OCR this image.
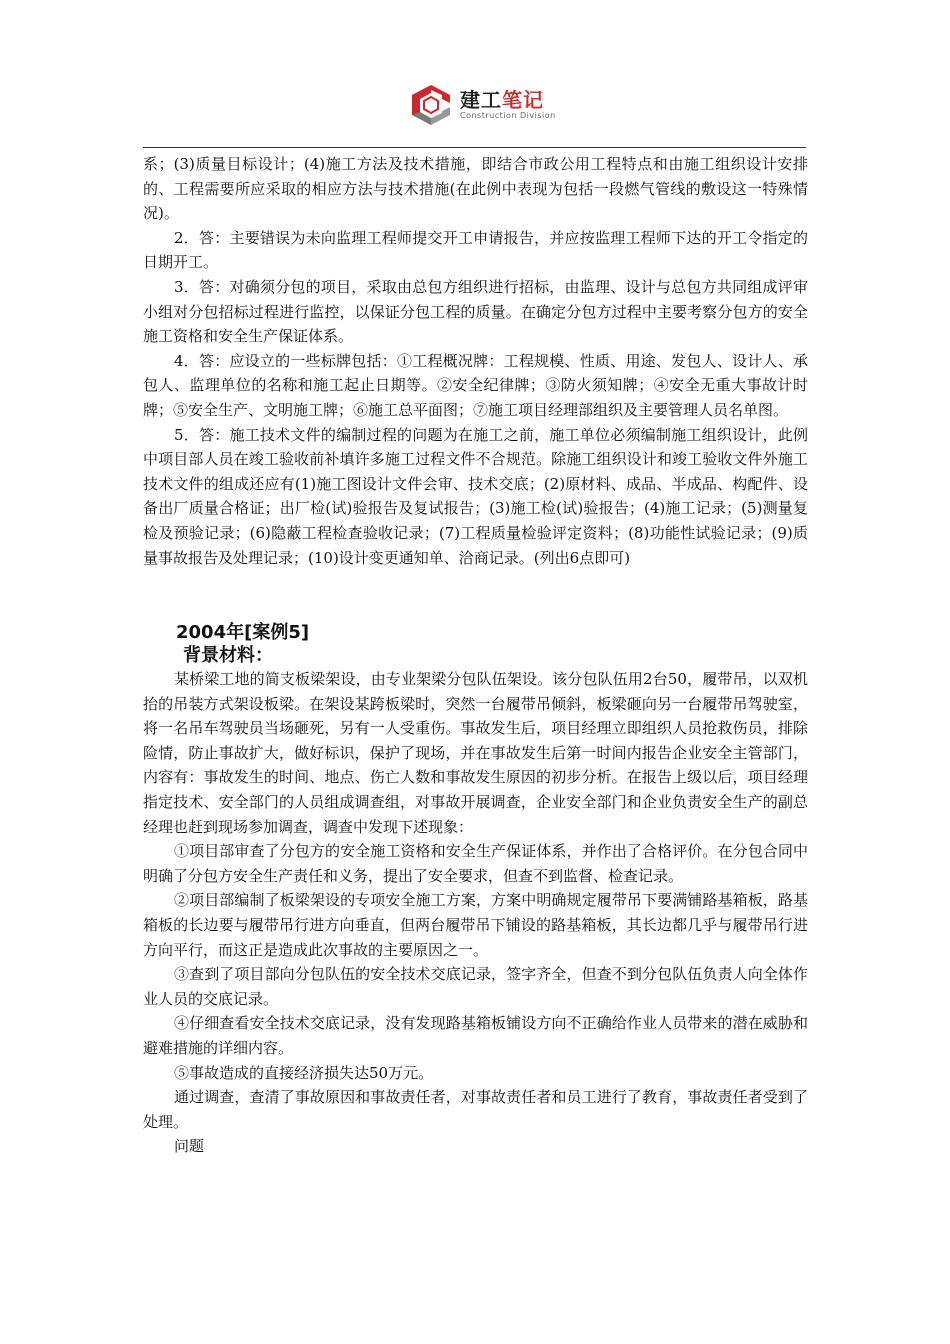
建工笔记
Construction Division

系；(3)质量目标设计；(4)施工方法及技术措施，即结合市政公用工程特点和由施工组织设计安排的、工程需要所应采取的相应方法与技术措施(在此例中表现为包括一段燃气管线的敷设这一特殊情况)。

2．答：主要错误为未向监理工程师提交开工申请报告，并应按监理工程师下达的开工令指定的日期开工。

3．答：对确须分包的项目，采取由总包方组织进行招标，由监理、设计与总包方共同组成评审小组对分包招标过程进行监控，以保证分包工程的质量。在确定分包方过程中主要考察分包方的安全施工资格和安全生产保证体系。

4．答：应设立的一些标牌包括：①工程概况牌：工程规模、性质、用途、发包人、设计人、承包人、监理单位的名称和施工起止日期等。②安全纪律牌；③防火须知牌；④安全无重大事故计时牌；⑤安全生产、文明施工牌；⑥施工总平面图；⑦施工项目经理部组织及主要管理人员名单图。

5．答：施工技术文件的编制过程的问题为在施工之前，施工单位必须编制施工组织设计，此例中项目部人员在竣工验收前补填许多施工过程文件不合规范。除施工组织设计和竣工验收文件外施工技术文件的组成还应有(1)施工图设计文件会审、技术交底；(2)原材料、成品、半成品、构配件、设备出厂质量合格证；出厂检(试)验报告及复试报告；(3)施工检(试)验报告；(4)施工记录；(5)测量复检及预验记录；(6)隐蔽工程检查验收记录；(7)工程质量检验评定资料；(8)功能性试验记录；(9)质量事故报告及处理记录；(10)设计变更通知单、洽商记录。(列出6点即可)

2004年[案例5]
背景材料：

某桥梁工地的简支板梁架设，由专业架梁分包队伍架设。该分包队伍用2台50，履带吊，以双机抬的吊装方式架设板梁。在架设某跨板梁时，突然一台履带吊倾斜，板梁砸向另一台履带吊驾驶室，将一名吊车驾驶员当场砸死，另有一人受重伤。事故发生后，项目经理立即组织人员抢救伤员，排除险情，防止事故扩大，做好标识，保护了现场，并在事故发生后第一时间内报告企业安全主管部门，内容有：事故发生的时间、地点、伤亡人数和事故发生原因的初步分析。在报告上级以后，项目经理指定技术、安全部门的人员组成调查组，对事故开展调查，企业安全部门和企业负责安全生产的副总经理也赶到现场参加调查，调查中发现下述现象：

①项目部审查了分包方的安全施工资格和安全生产保证体系，并作出了合格评价。在分包合同中明确了分包方安全生产责任和义务，提出了安全要求，但查不到监督、检查记录。

②项目部编制了板梁架设的专项安全施工方案，方案中明确规定履带吊下要满铺路基箱板，路基箱板的长边要与履带吊行进方向垂直，但两台履带吊下铺设的路基箱板，其长边都几乎与履带吊行进方向平行，而这正是造成此次事故的主要原因之一。

③查到了项目部向分包队伍的安全技术交底记录，签字齐全，但查不到分包队伍负责人向全体作业人员的交底记录。

④仔细查看安全技术交底记录，没有发现路基箱板铺设方向不正确给作业人员带来的潜在威胁和避难措施的详细内容。

⑤事故造成的直接经济损失达50万元。

通过调查，查清了事故原因和事故责任者，对事故责任者和员工进行了教育，事故责任者受到了处理。

问题
